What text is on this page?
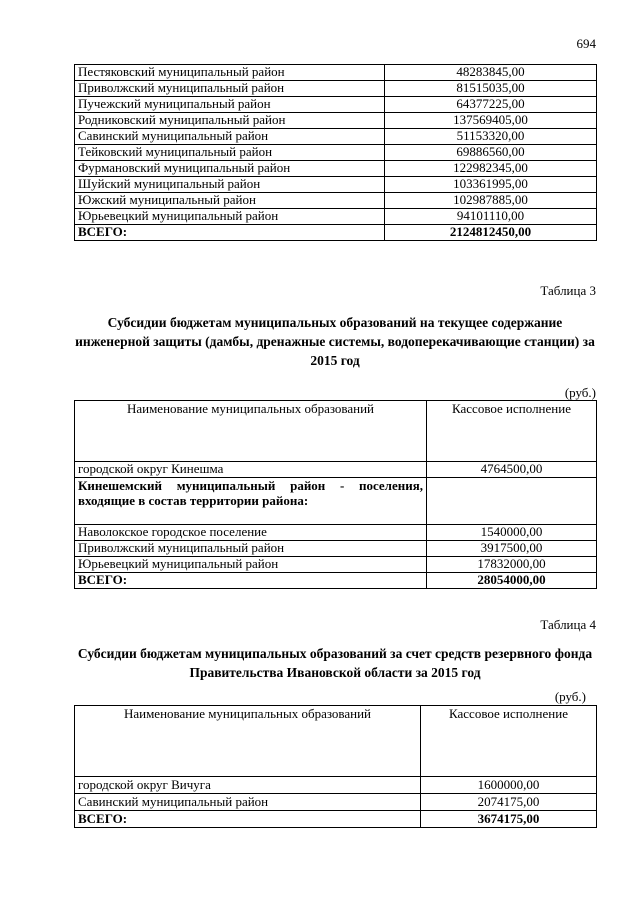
694
Пестяковский муниципальный район	48283845,00
Приволжский муниципальный район	81515035,00
Пучежский муниципальный район	64377225,00
Родниковский муниципальный район	137569405,00
Савинский муниципальный район	51153320,00
Тейковский муниципальный район	69886560,00
Фурмановский муниципальный район	122982345,00
Шуйский муниципальный район	103361995,00
Южский муниципальный район	102987885,00
Юрьевецкий муниципальный район	94101110,00
ВСЕГО:	2124812450,00
Таблица 3
Субсидии бюджетам муниципальных образований на текущее содержание инженерной защиты (дамбы, дренажные системы, водоперекачивающие станции) за 2015 год
(руб.)
Наименование муниципальных образований	Кассовое исполнение
городской округ Кинешма	4764500,00
Кинешемский муниципальный район - поселения, входящие в состав территории района:	
Наволокское городское поселение	1540000,00
Приволжский муниципальный район	3917500,00
Юрьевецкий муниципальный район	17832000,00
ВСЕГО:	28054000,00
Таблица 4
Субсидии бюджетам муниципальных образований за счет средств резервного фонда Правительства Ивановской области за 2015 год
(руб.)
Наименование муниципальных образований	Кассовое исполнение
городской округ Вичуга	1600000,00
Савинский муниципальный район	2074175,00
ВСЕГО:	3674175,00
